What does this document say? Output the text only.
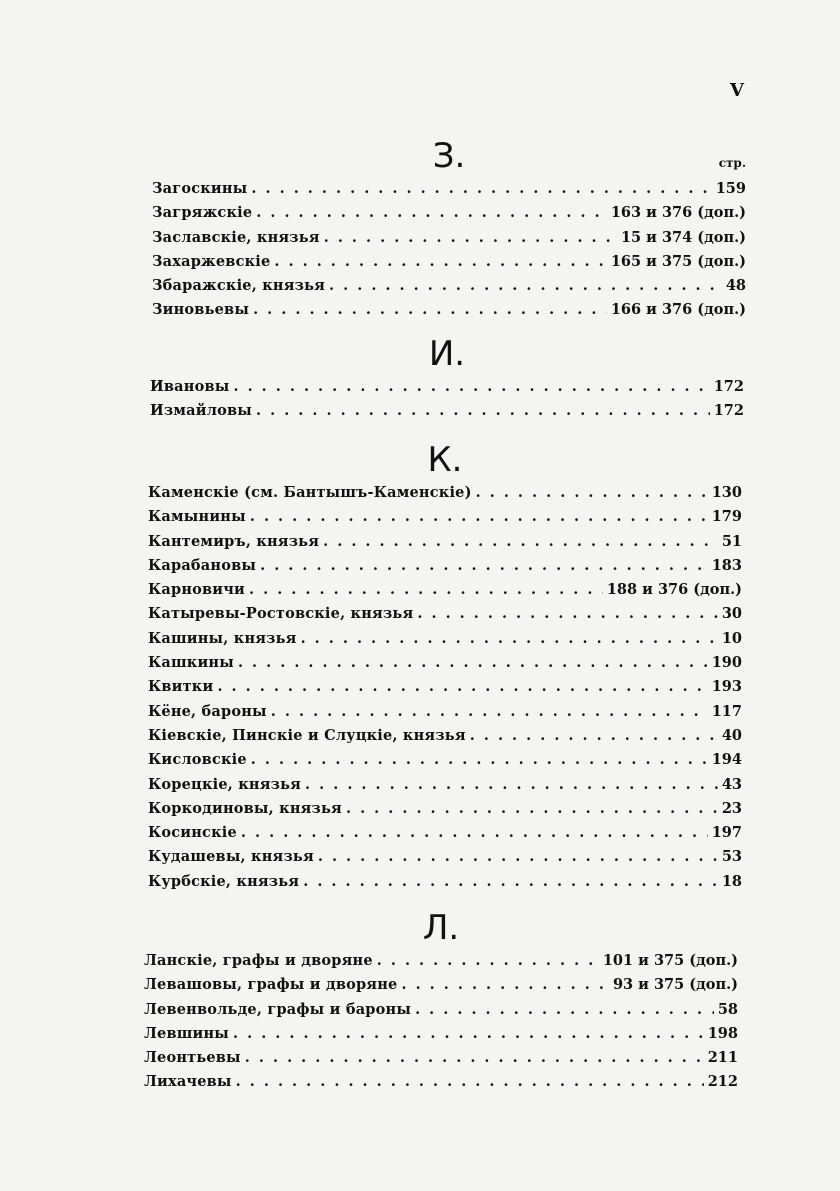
V
З.	стр.
Загоскины . . .	159
Загряжскіе . . .	163 и 376 (доп.)
Заславскіе, князья . . .	15 и 374 (доп.)
Захаржевскіе . . .	165 и 375 (доп.)
Збаражскіе, князья . . .	48
Зиновьевы . . .	166 и 376 (доп.)
И.
Ивановы . . .	172
Измайловы . . .	172
К.
Каменскіе (см. Бантышъ-Каменскіе) . . .	130
Камынины . . .	179
Кантемиръ, князья . . .	51
Карабановы . . .	183
Карновичи . . .	188 и 376 (доп.)
Катыревы-Ростовскіе, князья . . .	30
Кашины, князья . . .	10
Кашкины . . .	190
Квитки . . .	193
Кёне, бароны . . .	117
Кіевскіе, Пинскіе и Слуцкіе, князья . . .	40
Кисловскіе . . .	194
Корецкіе, князья . . .	43
Коркодиновы, князья . . .	23
Косинскіе . . .	197
Кудашевы, князья . . .	53
Курбскіе, князья . . .	18
Л.
Ланскіе, графы и дворяне . . .	101 и 375 (доп.)
Левашовы, графы и дворяне . . .	93 и 375 (доп.)
Левенвольде, графы и бароны . . .	58
Левшины . . .	198
Леонтьевы . . .	211
Лихачевы . . .	212
